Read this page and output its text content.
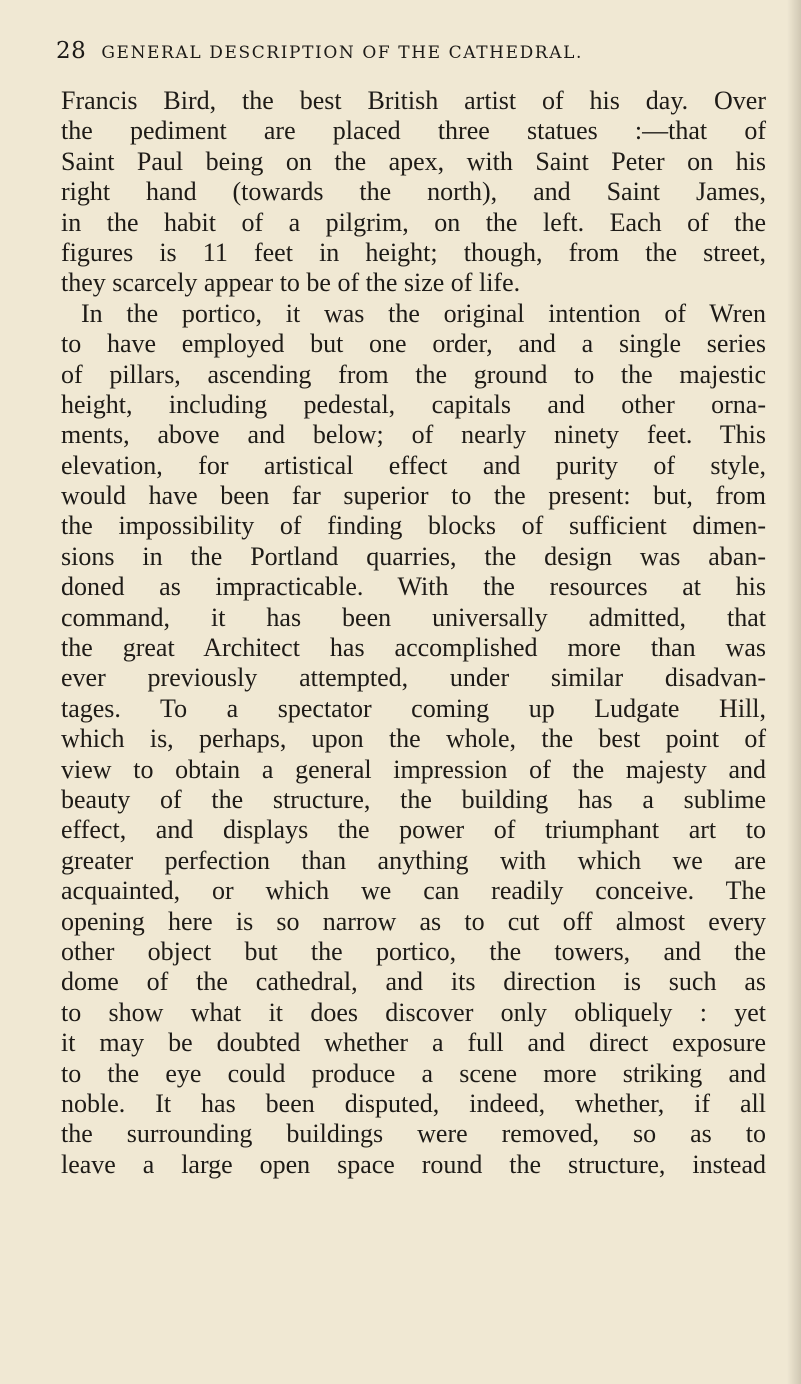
28 GENERAL DESCRIPTION OF THE CATHEDRAL.
Francis Bird, the best British artist of his day. Over
the pediment are placed three statues :—that of
Saint Paul being on the apex, with Saint Peter on his
right hand (towards the north), and Saint James,
in the habit of a pilgrim, on the left. Each of the
figures is 11 feet in height; though, from the street,
they scarcely appear to be of the size of life.
In the portico, it was the original intention of Wren
to have employed but one order, and a single series
of pillars, ascending from the ground to the majestic
height, including pedestal, capitals and other orna-
ments, above and below; of nearly ninety feet. This
elevation, for artistical effect and purity of style,
would have been far superior to the present: but, from
the impossibility of finding blocks of sufficient dimen-
sions in the Portland quarries, the design was aban-
doned as impracticable. With the resources at his
command, it has been universally admitted, that
the great Architect has accomplished more than was
ever previously attempted, under similar disadvan-
tages. To a spectator coming up Ludgate Hill,
which is, perhaps, upon the whole, the best point of
view to obtain a general impression of the majesty and
beauty of the structure, the building has a sublime
effect, and displays the power of triumphant art to
greater perfection than anything with which we are
acquainted, or which we can readily conceive. The
opening here is so narrow as to cut off almost every
other object but the portico, the towers, and the
dome of the cathedral, and its direction is such as
to show what it does discover only obliquely : yet
it may be doubted whether a full and direct exposure
to the eye could produce a scene more striking and
noble. It has been disputed, indeed, whether, if all
the surrounding buildings were removed, so as to
leave a large open space round the structure, instead
